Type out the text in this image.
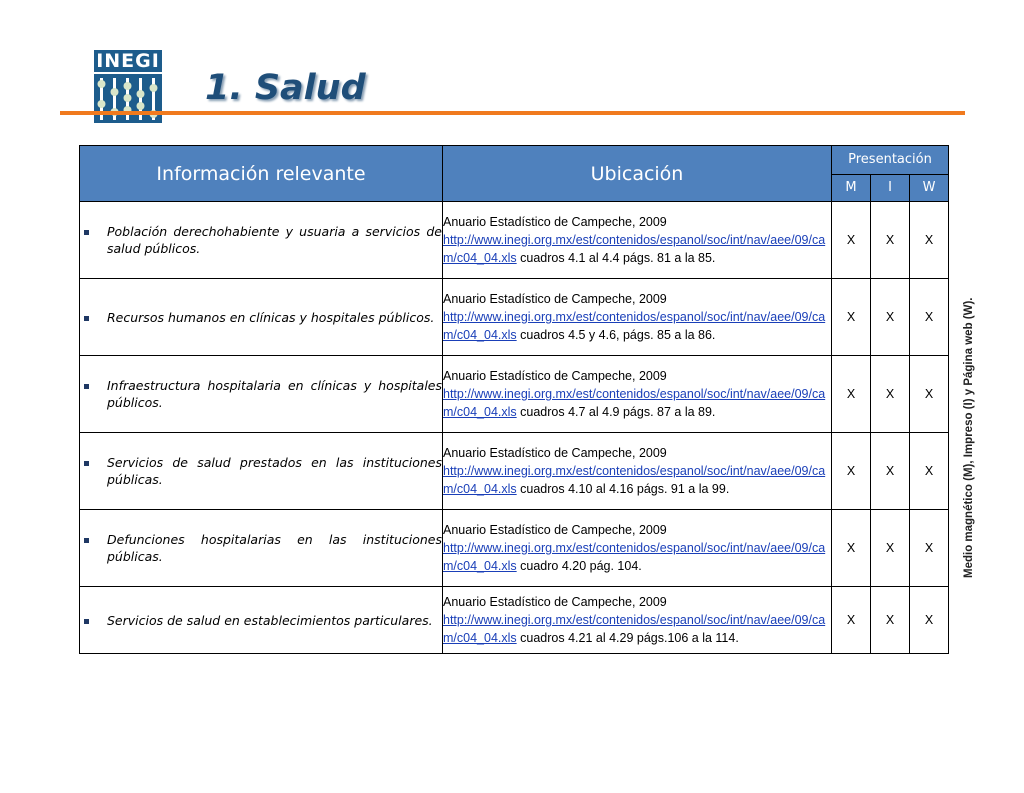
INEGI
1. Salud
Información relevante	Ubicación	Presentación		
		M	I	W

Población derechohabiente y usuaria a servicios de salud públicos.	Anuario Estadístico de Campeche, 2009
http://www.inegi.org.mx/est/contenidos/espanol/soc/int/nav/aee/09/cam/c04_04.xls cuadros 4.1 al 4.4 págs. 81 a la 85.	X	X	X

Recursos humanos en clínicas y hospitales públicos.	Anuario Estadístico de Campeche, 2009
http://www.inegi.org.mx/est/contenidos/espanol/soc/int/nav/aee/09/cam/c04_04.xls cuadros 4.5 y 4.6, págs. 85 a la 86.	X	X	X

Infraestructura hospitalaria en clínicas y hospitales públicos.	Anuario Estadístico de Campeche, 2009
http://www.inegi.org.mx/est/contenidos/espanol/soc/int/nav/aee/09/cam/c04_04.xls cuadros 4.7 al 4.9 págs. 87 a la 89.	X	X	X

Servicios de salud prestados en las instituciones públicas.	Anuario Estadístico de Campeche, 2009
http://www.inegi.org.mx/est/contenidos/espanol/soc/int/nav/aee/09/cam/c04_04.xls cuadros 4.10 al 4.16 págs. 91 a la 99.	X	X	X

Defunciones hospitalarias en las instituciones públicas.	Anuario Estadístico de Campeche, 2009
http://www.inegi.org.mx/est/contenidos/espanol/soc/int/nav/aee/09/cam/c04_04.xls cuadro 4.20 pág. 104.	X	X	X

Servicios de salud en establecimientos particulares.	Anuario Estadístico de Campeche, 2009
http://www.inegi.org.mx/est/contenidos/espanol/soc/int/nav/aee/09/cam/c04_04.xls cuadros 4.21 al 4.29 págs.106 a la 114.	X	X	X
Medio magnético (M), Impreso (I) y Página web (W).
